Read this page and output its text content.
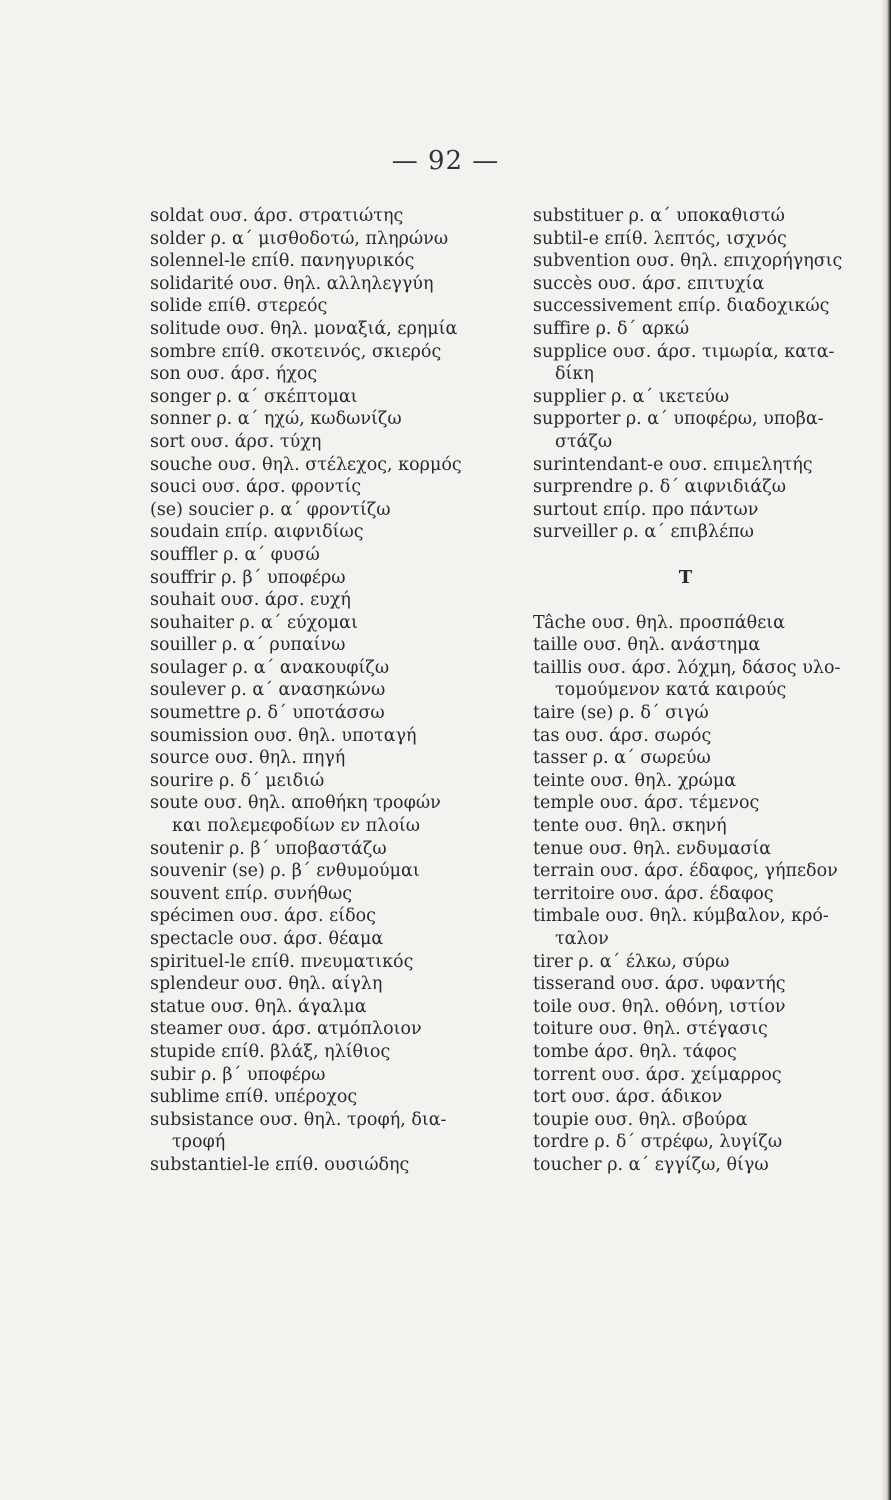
— 92 —
soldat ουσ. άρσ. στρατιώτης
solder ρ. α΄ μισθοδοτώ, πληρώνω
solennel-le επίθ. πανηγυρικός
solidarité ουσ. θηλ. αλληλεγγύη
solide επίθ. στερεός
solitude ουσ. θηλ. μοναξιά, ερημία
sombre επίθ. σκοτεινός, σκιερός
son ουσ. άρσ. ήχος
songer ρ. α΄ σκέπτομαι
sonner ρ. α΄ ηχώ, κωδωνίζω
sort ουσ. άρσ. τύχη
souche ουσ. θηλ. στέλεχος, κορμός
souci ουσ. άρσ. φροντίς
(se) soucier ρ. α΄ φροντίζω
soudain επίρ. αιφνιδίως
souffler ρ. α΄ φυσώ
souffrir ρ. β΄ υποφέρω
souhait ουσ. άρσ. ευχή
souhaiter ρ. α΄ εύχομαι
souiller ρ. α΄ ρυπαίνω
soulager ρ. α΄ ανακουφίζω
soulever ρ. α΄ ανασηκώνω
soumettre ρ. δ΄ υποτάσσω
soumission ουσ. θηλ. υποταγή
source ουσ. θηλ. πηγή
sourire ρ. δ΄ μειδιώ
soute ουσ. θηλ. αποθήκη τροφών
και πολεμεφοδίων εν πλοίω
soutenir ρ. β΄ υποβαστάζω
souvenir (se) ρ. β΄ ενθυμούμαι
souvent επίρ. συνήθως
spécimen ουσ. άρσ. είδος
spectacle ουσ. άρσ. θέαμα
spirituel-le επίθ. πνευματικός
splendeur ουσ. θηλ. αίγλη
statue ουσ. θηλ. άγαλμα
steamer ουσ. άρσ. ατμόπλοιον
stupide επίθ. βλάξ, ηλίθιος
subir ρ. β΄ υποφέρω
sublime επίθ. υπέροχος
subsistance ουσ. θηλ. τροφή, δια-
τροφή
substantiel-le επίθ. ουσιώδης
substituer ρ. α΄ υποκαθιστώ
subtil-e επίθ. λεπτός, ισχνός
subvention ουσ. θηλ. επιχορήγησις
succès ουσ. άρσ. επιτυχία
successivement επίρ. διαδοχικώς
suffire ρ. δ΄ αρκώ
supplice ουσ. άρσ. τιμωρία, κατα-
δίκη
supplier ρ. α΄ ικετεύω
supporter ρ. α΄ υποφέρω, υποβα-
στάζω
surintendant-e ουσ. επιμελητής
surprendre ρ. δ΄ αιφνιδιάζω
surtout επίρ. προ πάντων
surveiller ρ. α΄ επιβλέπω
T
Tâche ουσ. θηλ. προσπάθεια
taille ουσ. θηλ. ανάστημα
taillis ουσ. άρσ. λόχμη, δάσος υλο-
τομούμενον κατά καιρούς
taire (se) ρ. δ΄ σιγώ
tas ουσ. άρσ. σωρός
tasser ρ. α΄ σωρεύω
teinte ουσ. θηλ. χρώμα
temple ουσ. άρσ. τέμενος
tente ουσ. θηλ. σκηνή
tenue ουσ. θηλ. ενδυμασία
terrain ουσ. άρσ. έδαφος, γήπεδον
territoire ουσ. άρσ. έδαφος
timbale ουσ. θηλ. κύμβαλον, κρό-
ταλον
tirer ρ. α΄ έλκω, σύρω
tisserand ουσ. άρσ. υφαντής
toile ουσ. θηλ. οθόνη, ιστίον
toiture ουσ. θηλ. στέγασις
tombe άρσ. θηλ. τάφος
torrent ουσ. άρσ. χείμαρρος
tort ουσ. άρσ. άδικον
toupie ουσ. θηλ. σβούρα
tordre ρ. δ΄ στρέφω, λυγίζω
toucher ρ. α΄ εγγίζω, θίγω
